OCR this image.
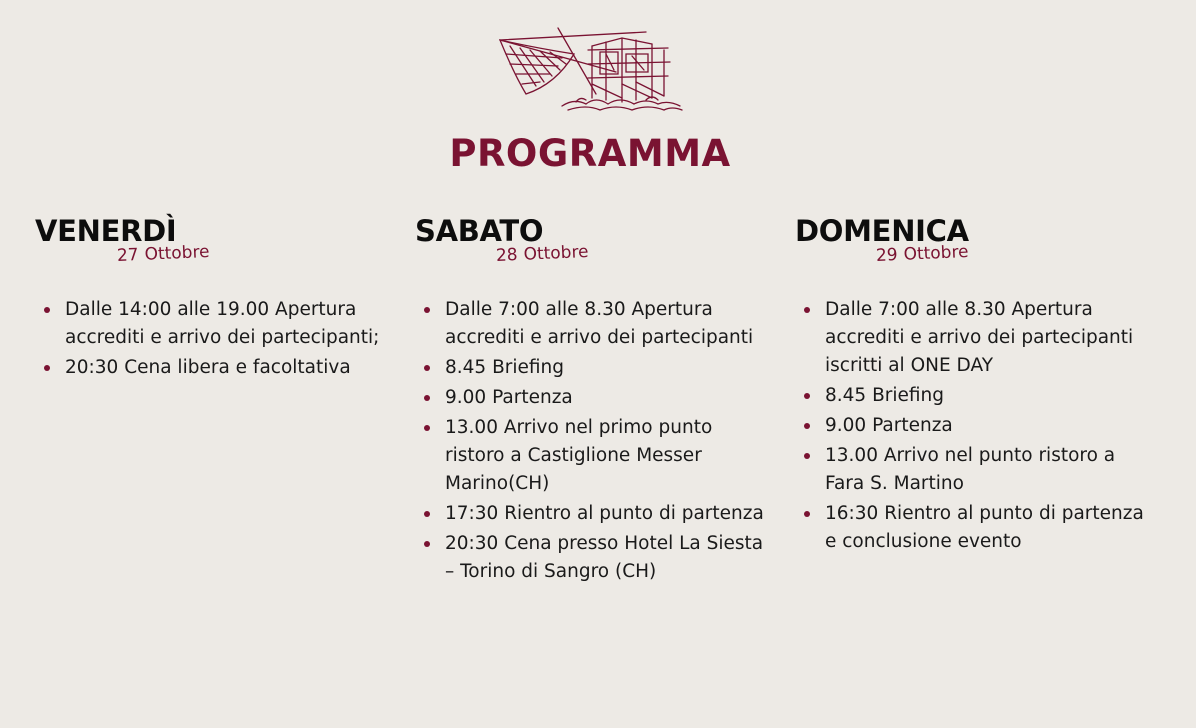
PROGRAMMA
VENERDÌ
27 Ottobre
Dalle 14:00 alle 19.00 Apertura accrediti e arrivo dei partecipanti;
20:30 Cena libera e facoltativa
SABATO
28 Ottobre
Dalle 7:00 alle 8.30 Apertura accrediti e arrivo dei partecipanti
8.45 Briefing
9.00 Partenza
13.00 Arrivo nel primo punto ristoro a Castiglione Messer Marino(CH)
17:30 Rientro al punto di partenza
20:30 Cena presso Hotel La Siesta – Torino di Sangro (CH)
DOMENICA
29 Ottobre
Dalle 7:00 alle 8.30 Apertura accrediti e arrivo dei partecipanti iscritti al ONE DAY
8.45 Briefing
9.00 Partenza
13.00 Arrivo nel punto ristoro a Fara S. Martino
16:30 Rientro al punto di partenza e conclusione evento
